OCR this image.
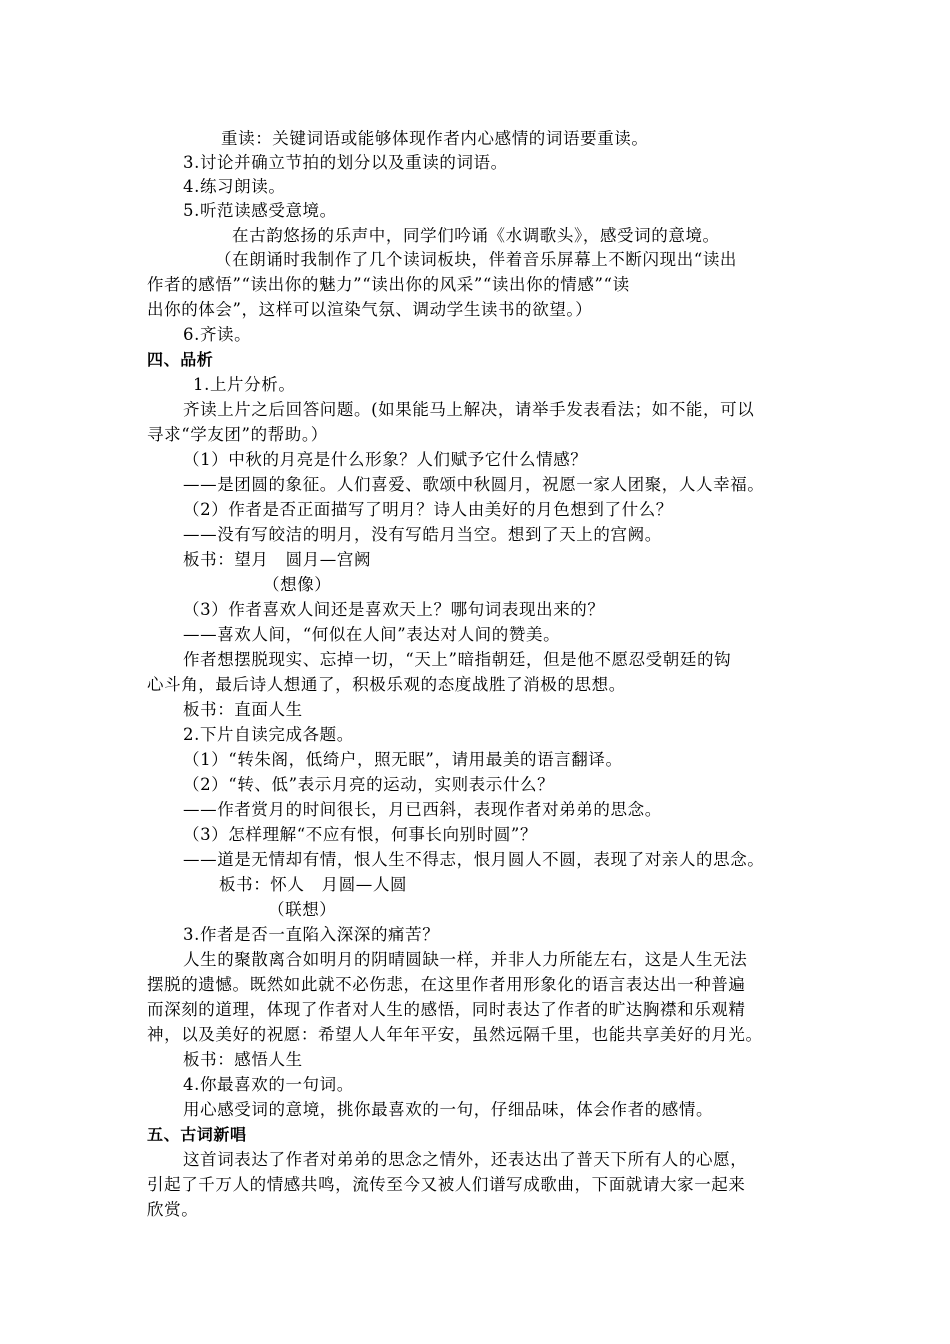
重读：关键词语或能够体现作者内心感情的词语要重读。
3.讨论并确立节拍的划分以及重读的词语。
4.练习朗读。
5.听范读感受意境。
在古韵悠扬的乐声中，同学们吟诵《水调歌头》，感受词的意境。
（在朗诵时我制作了几个读词板块，伴着音乐屏幕上不断闪现出“读出
作者的感悟”“读出你的魅力”“读出你的风采”“读出你的情感”“读
出你的体会”，这样可以渲染气氛、调动学生读书的欲望。）
6.齐读。
四、品析
1.上片分析。
齐读上片之后回答问题。(如果能马上解决，请举手发表看法；如不能，可以
寻求“学友团”的帮助。）
（1）中秋的月亮是什么形象？人们赋予它什么情感？
——是团圆的象征。人们喜爱、歌颂中秋圆月，祝愿一家人团聚，人人幸福。
（2）作者是否正面描写了明月？诗人由美好的月色想到了什么？
——没有写皎洁的明月，没有写皓月当空。想到了天上的宫阙。
板书：望月　圆月—宫阙
（想像）
（3）作者喜欢人间还是喜欢天上？哪句词表现出来的？
——喜欢人间，“何似在人间”表达对人间的赞美。
作者想摆脱现实、忘掉一切，“天上”暗指朝廷，但是他不愿忍受朝廷的钩
心斗角，最后诗人想通了，积极乐观的态度战胜了消极的思想。
板书：直面人生
2.下片自读完成各题。
（1）“转朱阁，低绮户，照无眠”，请用最美的语言翻译。
（2）“转、低”表示月亮的运动，实则表示什么？
——作者赏月的时间很长，月已西斜，表现作者对弟弟的思念。
（3）怎样理解“不应有恨，何事长向别时圆”？
——道是无情却有情，恨人生不得志，恨月圆人不圆，表现了对亲人的思念。
板书：怀人　月圆—人圆
（联想）
3.作者是否一直陷入深深的痛苦？
人生的聚散离合如明月的阴晴圆缺一样，并非人力所能左右，这是人生无法
摆脱的遗憾。既然如此就不必伤悲，在这里作者用形象化的语言表达出一种普遍
而深刻的道理，体现了作者对人生的感悟，同时表达了作者的旷达胸襟和乐观精
神，以及美好的祝愿：希望人人年年平安，虽然远隔千里，也能共享美好的月光。
板书：感悟人生
4.你最喜欢的一句词。
用心感受词的意境，挑你最喜欢的一句，仔细品味，体会作者的感情。
五、古词新唱
这首词表达了作者对弟弟的思念之情外，还表达出了普天下所有人的心愿，
引起了千万人的情感共鸣，流传至今又被人们谱写成歌曲，下面就请大家一起来
欣赏。
